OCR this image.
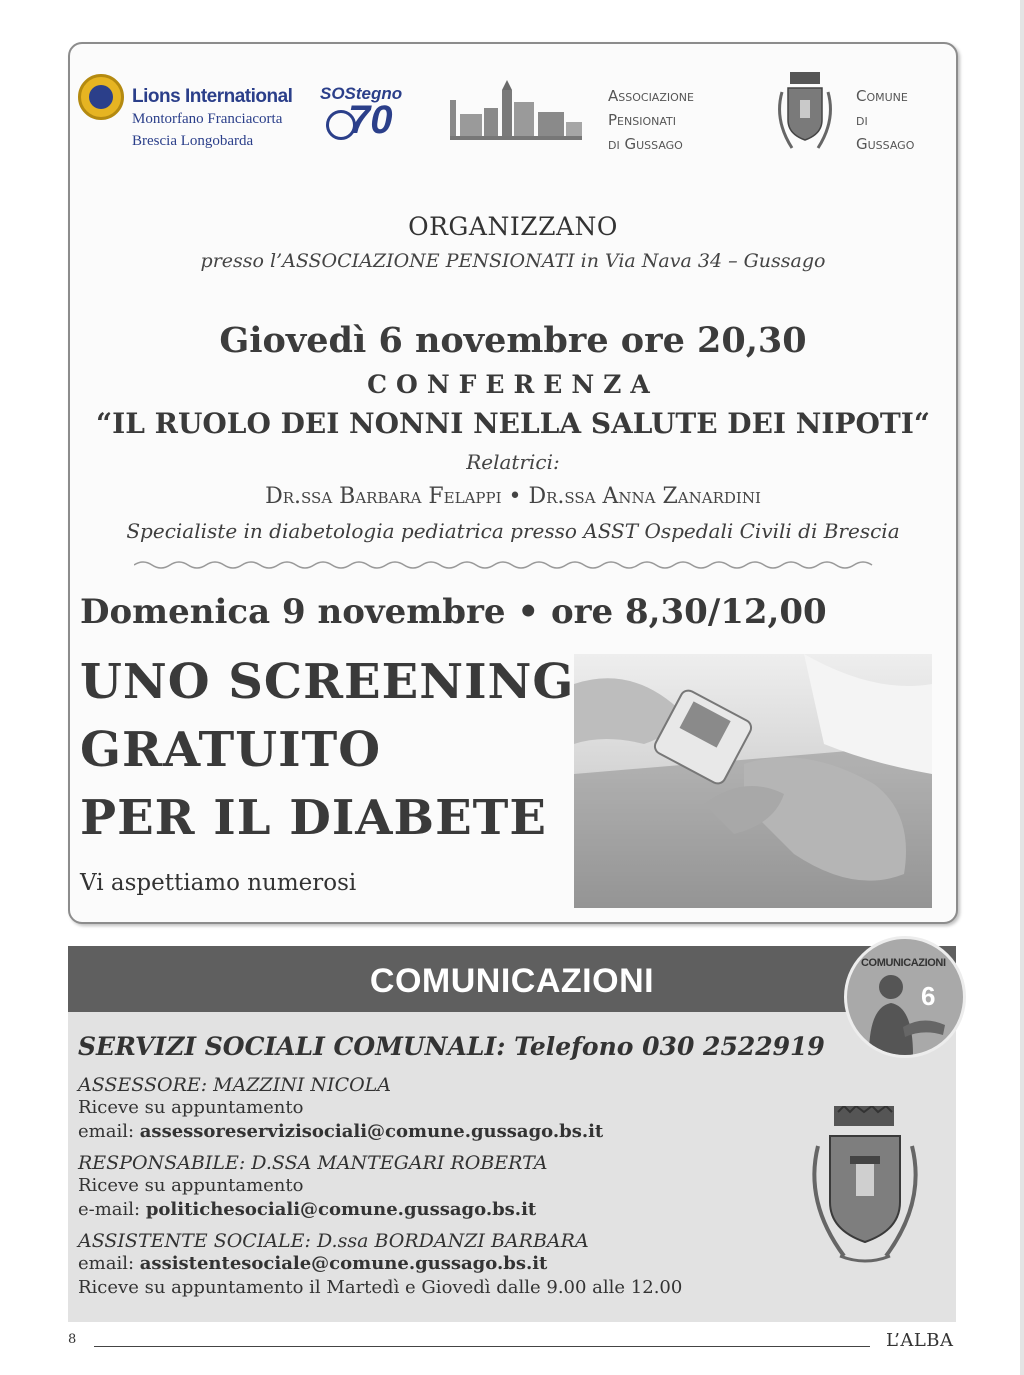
Lions International
Montorfano Franciacorta
Brescia Longobarda
SOStegno
70
Associazione
Pensionati
di Gussago
Comune
di
Gussago
ORGANIZZANO
presso l’ASSOCIAZIONE PENSIONATI in Via Nava 34 – Gussago
Giovedì 6 novembre ore 20,30
CONFERENZA
“IL RUOLO DEI NONNI NELLA SALUTE DEI NIPOTI“
Relatrici:
Dr.ssa Barbara Felappi • Dr.ssa Anna Zanardini
Specialiste in diabetologia pediatrica presso ASST Ospedali Civili di Brescia
Domenica 9 novembre • ore 8,30/12,00
UNO SCREENING
GRATUITO
PER IL DIABETE
Vi aspettiamo numerosi
COMUNICAZIONI
SERVIZI SOCIALI COMUNALI: Telefono 030 2522919
ASSESSORE: MAZZINI NICOLA
Riceve su appuntamento
email: assessoreservizisociali@comune.gussago.bs.it
RESPONSABILE: D.SSA MANTEGARI ROBERTA
Riceve su appuntamento
e-mail: politichesociali@comune.gussago.bs.it
ASSISTENTE SOCIALE: D.ssa BORDANZI BARBARA
email: assistentesociale@comune.gussago.bs.it
Riceve su appuntamento il Martedì e Giovedì dalle 9.00 alle 12.00
COMUNICAZIONI
6
8	L’ALBA
